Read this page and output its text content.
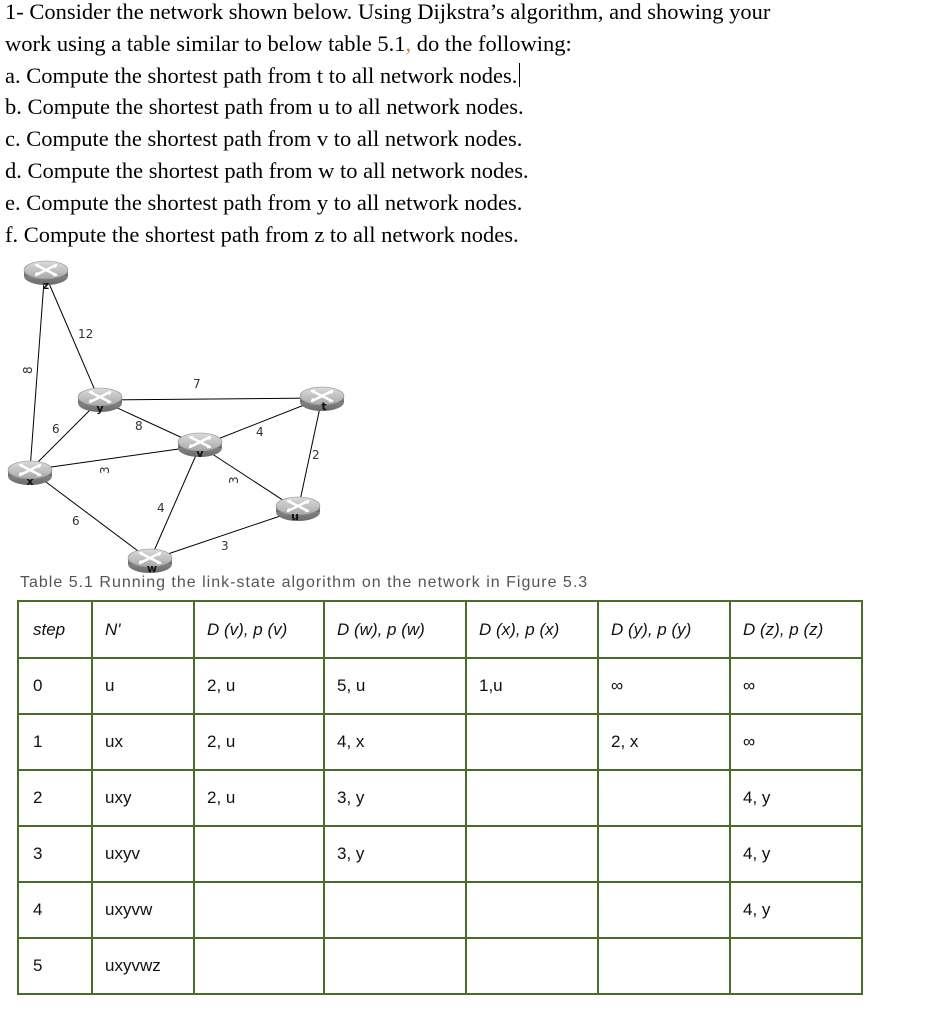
1- Consider the network shown below. Using Dijkstra’s algorithm, and showing your
work using a table similar to below table 5.1, do the following:
a. Compute the shortest path from t to all network nodes.
b. Compute the shortest path from u to all network nodes.
c. Compute the shortest path from v to all network nodes.
d. Compute the shortest path from w to all network nodes.
e. Compute the shortest path from y to all network nodes.
f. Compute the shortest path from z to all network nodes.
12
8
7
6	8
3
6
4
4
3
2
3
z
y	t
v
x
u
w
Table 5.1 Running the link-state algorithm on the network in Figure 5.3
step	N'	D (v), p (v)	D (w), p (w)	D (x), p (x)	D (y), p (y)	D (z), p (z)
0	u	2, u	5, u	1,u	∞	∞
1	ux	2, u	4, x		2, x	∞
2	uxy	2, u	3, y			4, y
3	uxyv		3, y			4, y
4	uxyvw					4, y
5	uxyvwz					
